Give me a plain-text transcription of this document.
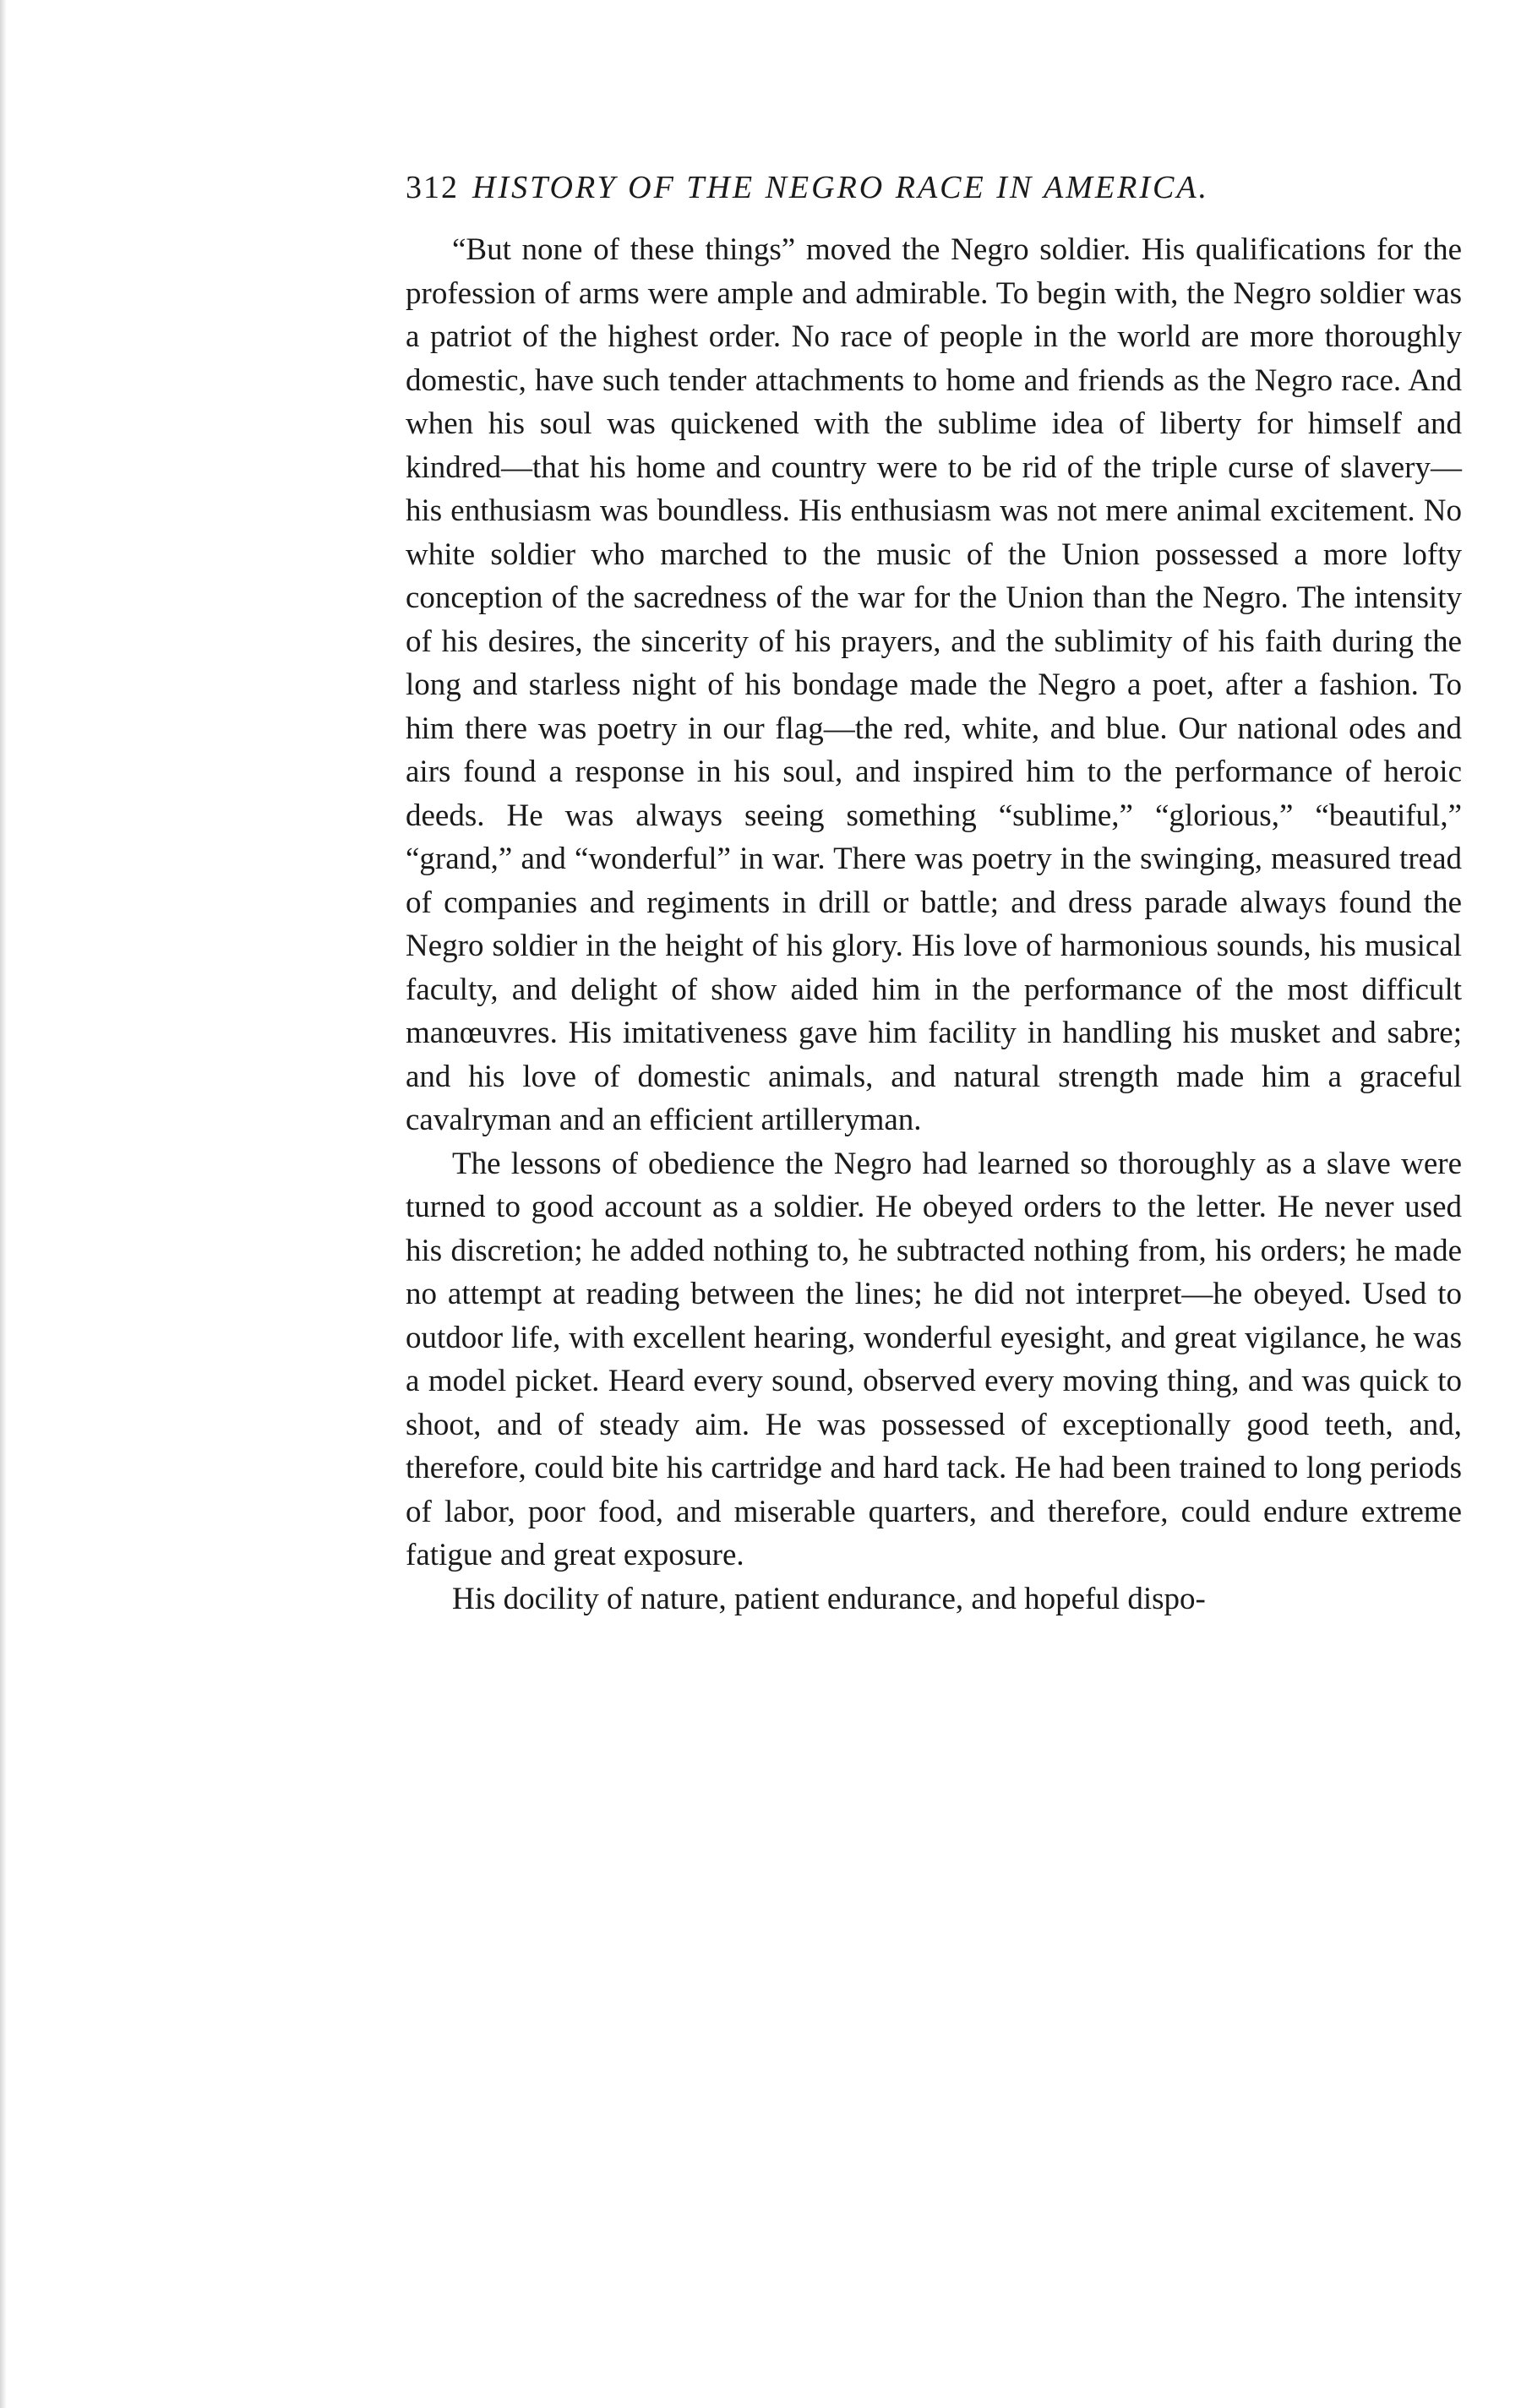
312 HISTORY OF THE NEGRO RACE IN AMERICA.

“But none of these things” moved the Negro soldier. His qualifications for the profession of arms were ample and admirable. To begin with, the Negro soldier was a patriot of the highest order. No race of people in the world are more thoroughly domestic, have such tender attachments to home and friends as the Negro race. And when his soul was quickened with the sublime idea of liberty for himself and kindred—that his home and country were to be rid of the triple curse of slavery—his enthusiasm was boundless. His enthusiasm was not mere animal excitement. No white soldier who marched to the music of the Union possessed a more lofty conception of the sacredness of the war for the Union than the Negro. The intensity of his desires, the sincerity of his prayers, and the sublimity of his faith during the long and starless night of his bondage made the Negro a poet, after a fashion. To him there was poetry in our flag—the red, white, and blue. Our national odes and airs found a response in his soul, and inspired him to the performance of heroic deeds. He was always seeing something “sublime,” “glorious,” “beautiful,” “grand,” and “wonderful” in war. There was poetry in the swinging, measured tread of companies and regiments in drill or battle; and dress parade always found the Negro soldier in the height of his glory. His love of harmonious sounds, his musical faculty, and delight of show aided him in the performance of the most difficult manœuvres. His imitativeness gave him facility in handling his musket and sabre; and his love of domestic animals, and natural strength made him a graceful cavalryman and an efficient artilleryman.

The lessons of obedience the Negro had learned so thoroughly as a slave were turned to good account as a soldier. He obeyed orders to the letter. He never used his discretion; he added nothing to, he subtracted nothing from, his orders; he made no attempt at reading between the lines; he did not interpret—he obeyed. Used to outdoor life, with excellent hearing, wonderful eyesight, and great vigilance, he was a model picket. Heard every sound, observed every moving thing, and was quick to shoot, and of steady aim. He was possessed of exceptionally good teeth, and, therefore, could bite his cartridge and hard tack. He had been trained to long periods of labor, poor food, and miserable quarters, and therefore, could endure extreme fatigue and great exposure.

His docility of nature, patient endurance, and hopeful dispo-
